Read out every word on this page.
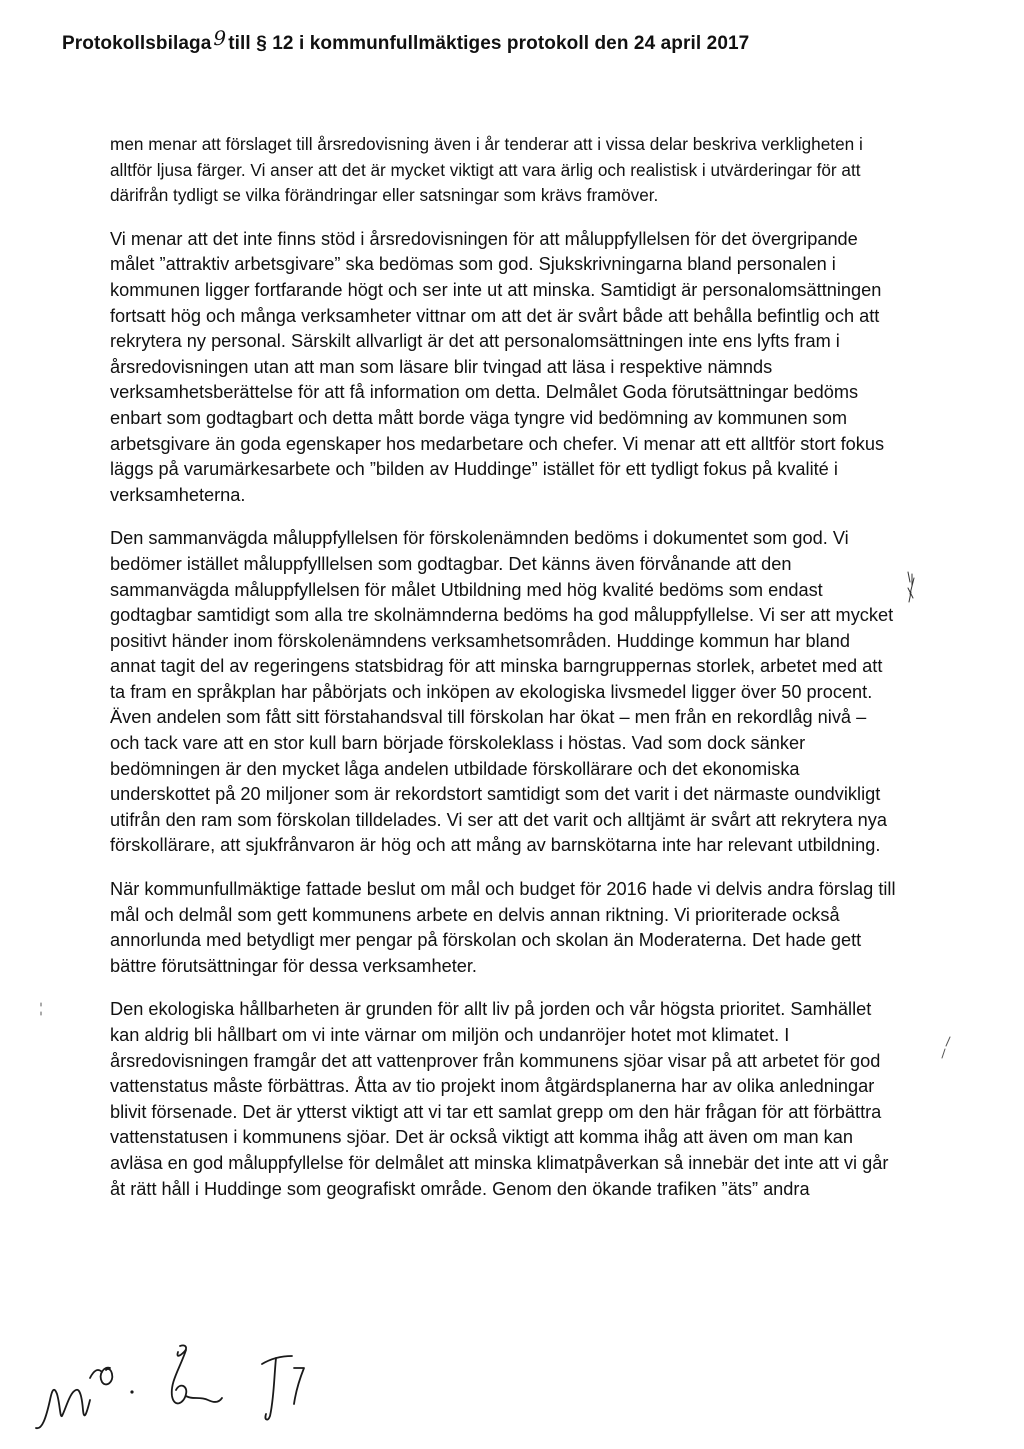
Protokollsbilaga 9 till § 12 i kommunfullmäktiges protokoll den 24 april 2017

men menar att förslaget till årsredovisning även i år tenderar att i vissa delar beskriva verkligheten i alltför ljusa färger. Vi anser att det är mycket viktigt att vara ärlig och realistisk i utvärderingar för att därifrån tydligt se vilka förändringar eller satsningar som krävs framöver.

Vi menar att det inte finns stöd i årsredovisningen för att måluppfyllelsen för det övergripande målet ”attraktiv arbetsgivare” ska bedömas som god. Sjukskrivningarna bland personalen i kommunen ligger fortfarande högt och ser inte ut att minska. Samtidigt är personalomsättningen fortsatt hög och många verksamheter vittnar om att det är svårt både att behålla befintlig och att rekrytera ny personal. Särskilt allvarligt är det att personalomsättningen inte ens lyfts fram i årsredovisningen utan att man som läsare blir tvingad att läsa i respektive nämnds verksamhetsberättelse för att få information om detta. Delmålet Goda förutsättningar bedöms enbart som godtagbart och detta mått borde väga tyngre vid bedömning av kommunen som arbetsgivare än goda egenskaper hos medarbetare och chefer. Vi menar att ett alltför stort fokus läggs på varumärkesarbete och ”bilden av Huddinge” istället för ett tydligt fokus på kvalité i verksamheterna.

Den sammanvägda måluppfyllelsen för förskolenämnden bedöms i dokumentet som god. Vi bedömer istället måluppfylllelsen som godtagbar. Det känns även förvånande att den sammanvägda måluppfyllelsen för målet Utbildning med hög kvalité bedöms som endast godtagbar samtidigt som alla tre skolnämnderna bedöms ha god måluppfyllelse. Vi ser att mycket positivt händer inom förskolenämndens verksamhetsområden. Huddinge kommun har bland annat tagit del av regeringens statsbidrag för att minska barngruppernas storlek, arbetet med att ta fram en språkplan har påbörjats och inköpen av ekologiska livsmedel ligger över 50 procent. Även andelen som fått sitt förstahandsval till förskolan har ökat – men från en rekordlåg nivå – och tack vare att en stor kull barn började förskoleklass i höstas. Vad som dock sänker bedömningen är den mycket låga andelen utbildade förskollärare och det ekonomiska underskottet på 20 miljoner som är rekordstort samtidigt som det varit i det närmaste oundvikligt utifrån den ram som förskolan tilldelades. Vi ser att det varit och alltjämt är svårt att rekrytera nya förskollärare, att sjukfrånvaron är hög och att mång av barnskötarna inte har relevant utbildning.

När kommunfullmäktige fattade beslut om mål och budget för 2016 hade vi delvis andra förslag till mål och delmål som gett kommunens arbete en delvis annan riktning. Vi prioriterade också annorlunda med betydligt mer pengar på förskolan och skolan än Moderaterna. Det hade gett bättre förutsättningar för dessa verksamheter.

Den ekologiska hållbarheten är grunden för allt liv på jorden och vår högsta prioritet. Samhället kan aldrig bli hållbart om vi inte värnar om miljön och undanröjer hotet mot klimatet. I årsredovisningen framgår det att vattenprover från kommunens sjöar visar på att arbetet för god vattenstatus måste förbättras. Åtta av tio projekt inom åtgärdsplanerna har av olika anledningar blivit försenade. Det är ytterst viktigt att vi tar ett samlat grepp om den här frågan för att förbättra vattenstatusen i kommunens sjöar. Det är också viktigt att komma ihåg att även om man kan avläsa en god måluppfyllelse för delmålet att minska klimatpåverkan så innebär det inte att vi går åt rätt håll i Huddinge som geografiskt område. Genom den ökande trafiken ”äts” andra
